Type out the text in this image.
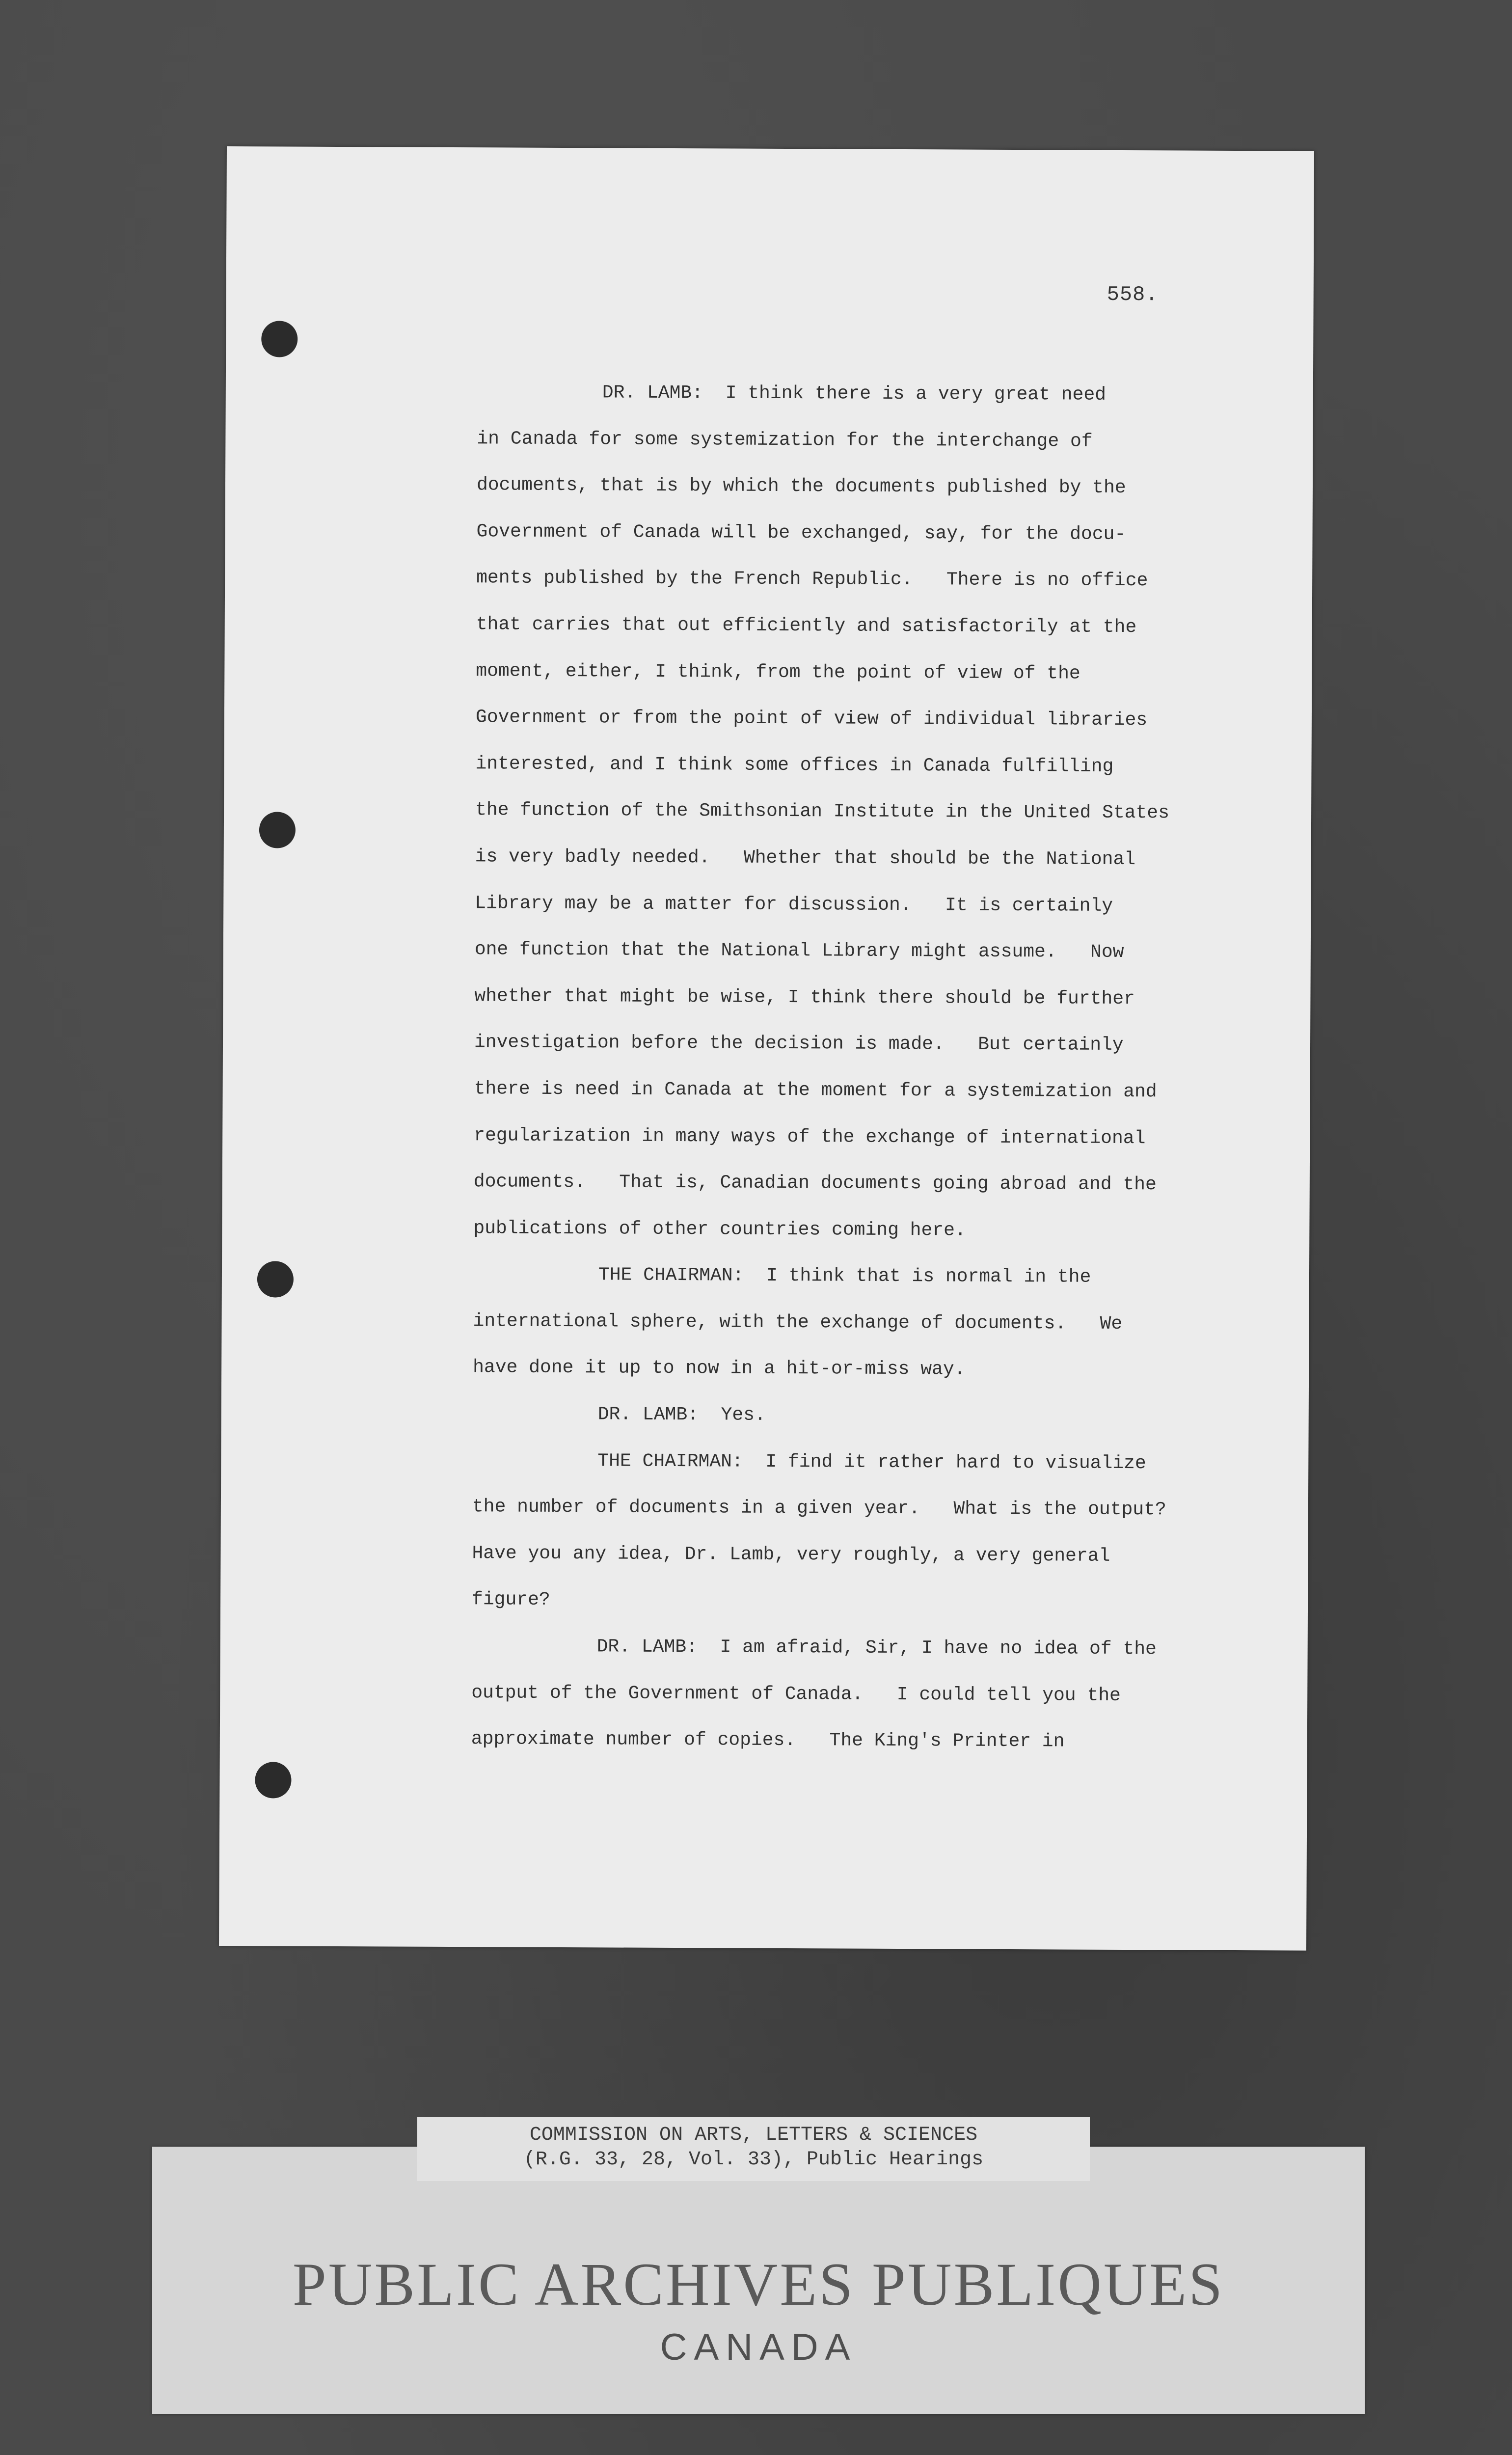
558.
DR. LAMB:  I think there is a very great need
in Canada for some systemization for the interchange of
documents, that is by which the documents published by the
Government of Canada will be exchanged, say, for the docu-
ments published by the French Republic.   There is no office
that carries that out efficiently and satisfactorily at the
moment, either, I think, from the point of view of the
Government or from the point of view of individual libraries
interested, and I think some offices in Canada fulfilling
the function of the Smithsonian Institute in the United States
is very badly needed.   Whether that should be the National
Library may be a matter for discussion.   It is certainly
one function that the National Library might assume.   Now
whether that might be wise, I think there should be further
investigation before the decision is made.   But certainly
there is need in Canada at the moment for a systemization and
regularization in many ways of the exchange of international
documents.   That is, Canadian documents going abroad and the
publications of other countries coming here.
THE CHAIRMAN:  I think that is normal in the
international sphere, with the exchange of documents.   We
have done it up to now in a hit-or-miss way.
DR. LAMB:  Yes.
THE CHAIRMAN:  I find it rather hard to visualize
the number of documents in a given year.   What is the output?
Have you any idea, Dr. Lamb, very roughly, a very general
figure?
DR. LAMB:  I am afraid, Sir, I have no idea of the
output of the Government of Canada.   I could tell you the
approximate number of copies.   The King's Printer in
PUBLIC ARCHIVES PUBLIQUES
CANADA
COMMISSION ON ARTS, LETTERS & SCIENCES
(R.G. 33, 28, Vol. 33), Public Hearings
